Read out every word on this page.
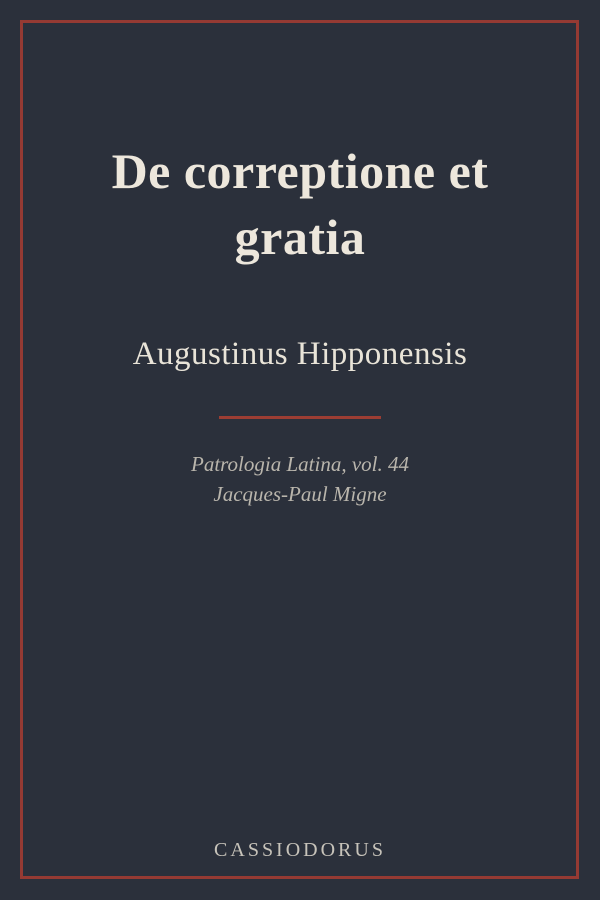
De correptione et gratia
Augustinus Hipponensis
Patrologia Latina, vol. 44
Jacques-Paul Migne
CASSIODORUS
